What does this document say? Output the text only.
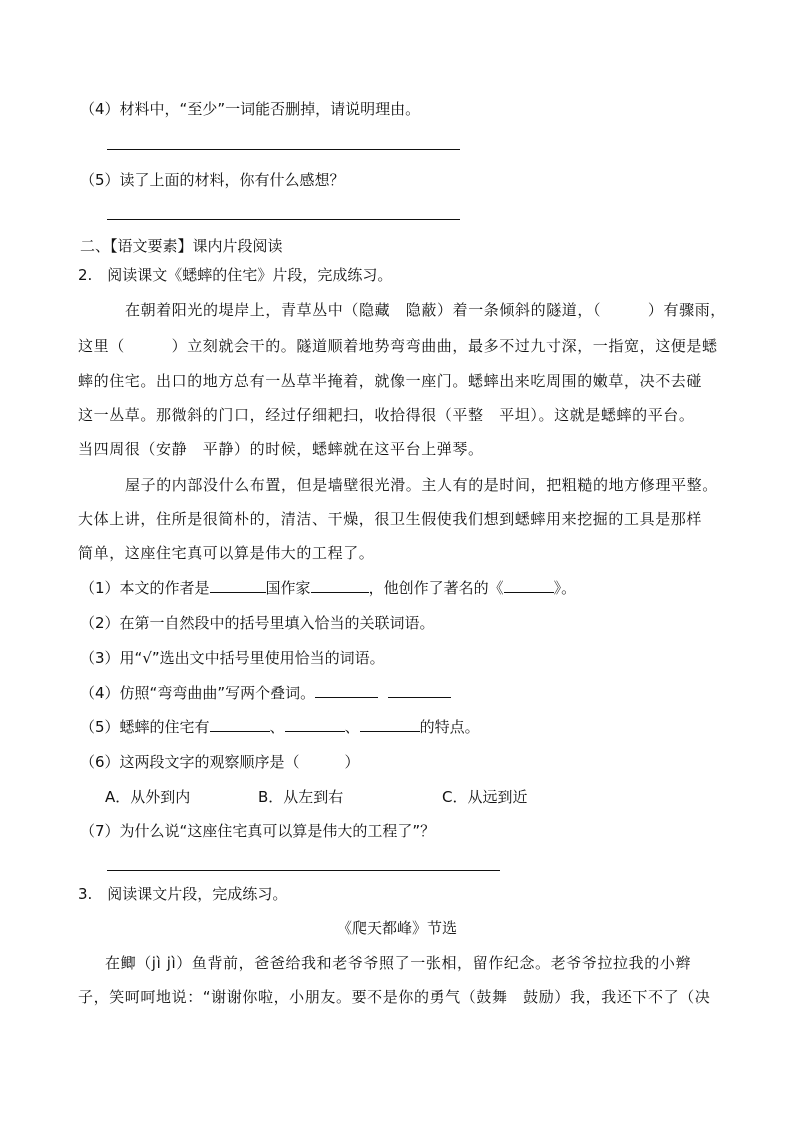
（4）材料中，“至少”一词能否删掉，请说明理由。
（5）读了上面的材料，你有什么感想？
二、【语文要素】课内片段阅读
2.　阅读课文《蟋蟀的住宅》片段，完成练习。
在朝着阳光的堤岸上，青草丛中（隐藏　隐蔽）着一条倾斜的隧道，（　　　）有骤雨，
这里（　　　）立刻就会干的。隧道顺着地势弯弯曲曲，最多不过九寸深，一指宽，这便是蟋
蟀的住宅。出口的地方总有一丛草半掩着，就像一座门。蟋蟀出来吃周围的嫩草，决不去碰
这一丛草。那微斜的门口，经过仔细耙扫，收拾得很（平整　平坦）。这就是蟋蟀的平台。
当四周很（安静　平静）的时候，蟋蟀就在这平台上弹琴。
屋子的内部没什么布置，但是墙壁很光滑。主人有的是时间，把粗糙的地方修理平整。
大体上讲，住所是很简朴的，清洁、干燥，很卫生假使我们想到蟋蟀用来挖掘的工具是那样
简单，这座住宅真可以算是伟大的工程了。
（1）本文的作者是	国作家	，他创作了著名的《	》。
（2）在第一自然段中的括号里填入恰当的关联词语。
（3）用“√”选出文中括号里使用恰当的词语。
（4）仿照“弯弯曲曲”写两个叠词。
（5）蟋蟀的住宅有	、	、	的特点。
（6）这两段文字的观察顺序是（　　　）
A．从外到内	B．从左到右	C．从远到近
（7）为什么说“这座住宅真可以算是伟大的工程了”？
3.　阅读课文片段，完成练习。
《爬天都峰》节选
在鲫（jì jì）鱼背前，爸爸给我和老爷爷照了一张相，留作纪念。老爷爷拉拉我的小辫
子，笑呵呵地说：“谢谢你啦，小朋友。要不是你的勇气（鼓舞　鼓励）我，我还下不了（决
